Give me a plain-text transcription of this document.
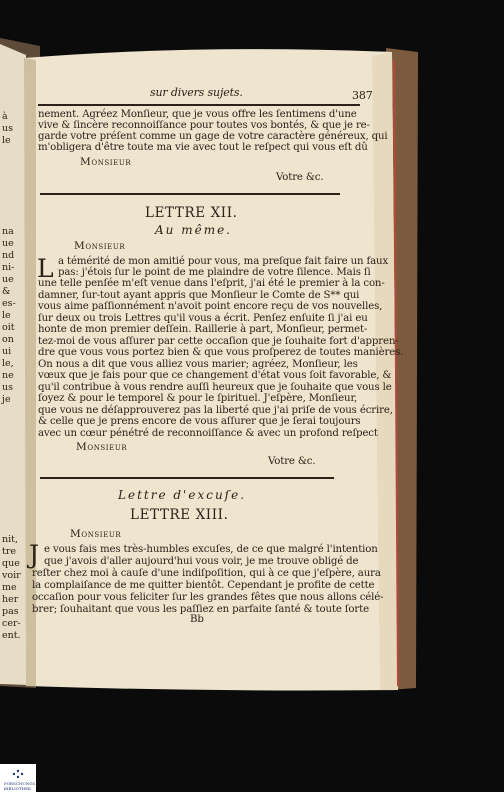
sur divers sujets.	387
nement. Agréez Monſieur, que je vous offre les ſentimens d'une
vive & ſincère reconnoiſſance pour toutes vos bontés, & que je re-
garde votre préſent comme un gage de votre caractère généreux, qui
m'obligera d'être toute ma vie avec tout le reſpect qui vous eſt dû
Monsieur
Votre &c.
LETTRE XII.
Au même.
Monsieur
L a témérité de mon amitié pour vous, ma preſque fait faire un faux
pas: j'étois ſur le point de me plaindre de votre ſilence. Mais ſi
une telle penſée m'eſt venue dans l'eſprit, j'ai été le premier à la con-
damner, ſur-tout ayant appris que Monſieur le Comte de S** qui
vous aime paſſionnément n'avoit point encore reçu de vos nouvelles,
ſur deux ou trois Lettres qu'il vous a écrit. Penſez enſuite ſi j'ai eu
honte de mon premier deſſein. Raillerie à part, Monſieur, permet-
tez-moi de vous aſſurer par cette occaſion que je ſouhaite fort d'appren-
dre que vous vous portez bien & que vous proſperez de toutes manières.
On nous a dit que vous alliez vous marier; agréez, Monſieur, les
vœux que je fais pour que ce changement d'état vous ſoit favorable, &
qu'il contribue à vous rendre auſſi heureux que je ſouhaite que vous le
ſoyez & pour le temporel & pour le ſpirituel. J'eſpère, Monſieur,
que vous ne déſapprouverez pas la liberté que j'ai priſe de vous écrire,
& celle que je prens encore de vous aſſurer que je ſerai toujours
avec un cœur pénétré de reconnoiſſance & avec un profond reſpect
Monsieur
Votre &c.
Lettre d'excuſe.
LETTRE XIII.
Monsieur
J e vous fais mes très-humbles excuſes, de ce que malgré l'intention
que j'avois d'aller aujourd'hui vous voir, je me trouve obligé de
reſter chez moi à cauſe d'une indiſpoſition, qui à ce que j'eſpère, aura
la complaiſance de me quitter bientôt. Cependant je profite de cette
occaſion pour vous feliciter ſur les grandes fêtes que nous allons célé-
brer; ſouhaitant que vous les paſſiez en parfaite ſanté & toute ſorte
Bb
à
us
le
na
ue
nd
ni-
ue
&
es-
le
oit
on
ui
le,
ne
us
je
nit,
tre
que
voir
me
her
pas
cer-
ent.
FORSCHUNGS
BIBLIOTHEK
